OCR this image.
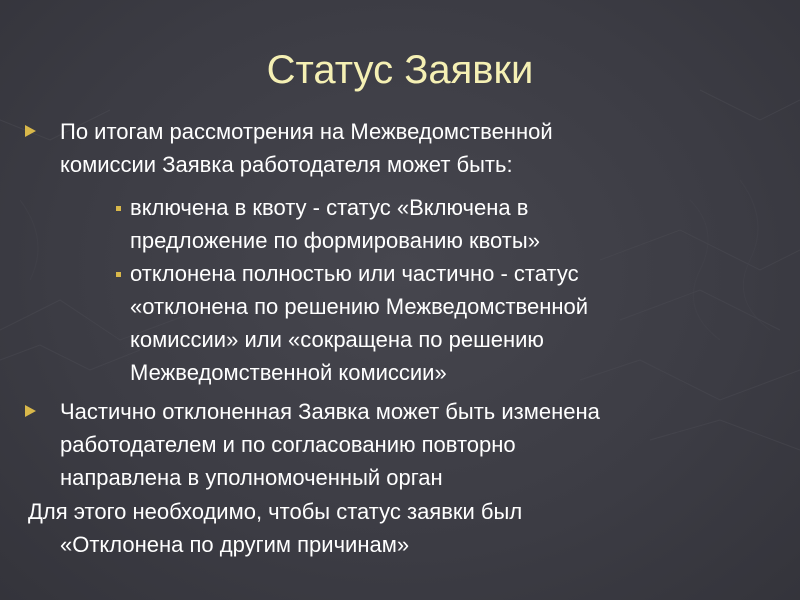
Статус Заявки
По итогам рассмотрения на Межведомственной
комиссии Заявка работодателя может быть:
включена в квоту - статус «Включена в
предложение по формированию квоты»
отклонена полностью или частично - статус
«отклонена по решению Межведомственной
комиссии» или «сокращена по решению
Межведомственной комиссии»
Частично отклоненная Заявка может быть изменена
работодателем и по согласованию повторно
направлена в уполномоченный орган
Для этого необходимо, чтобы статус заявки был
«Отклонена по другим причинам»
